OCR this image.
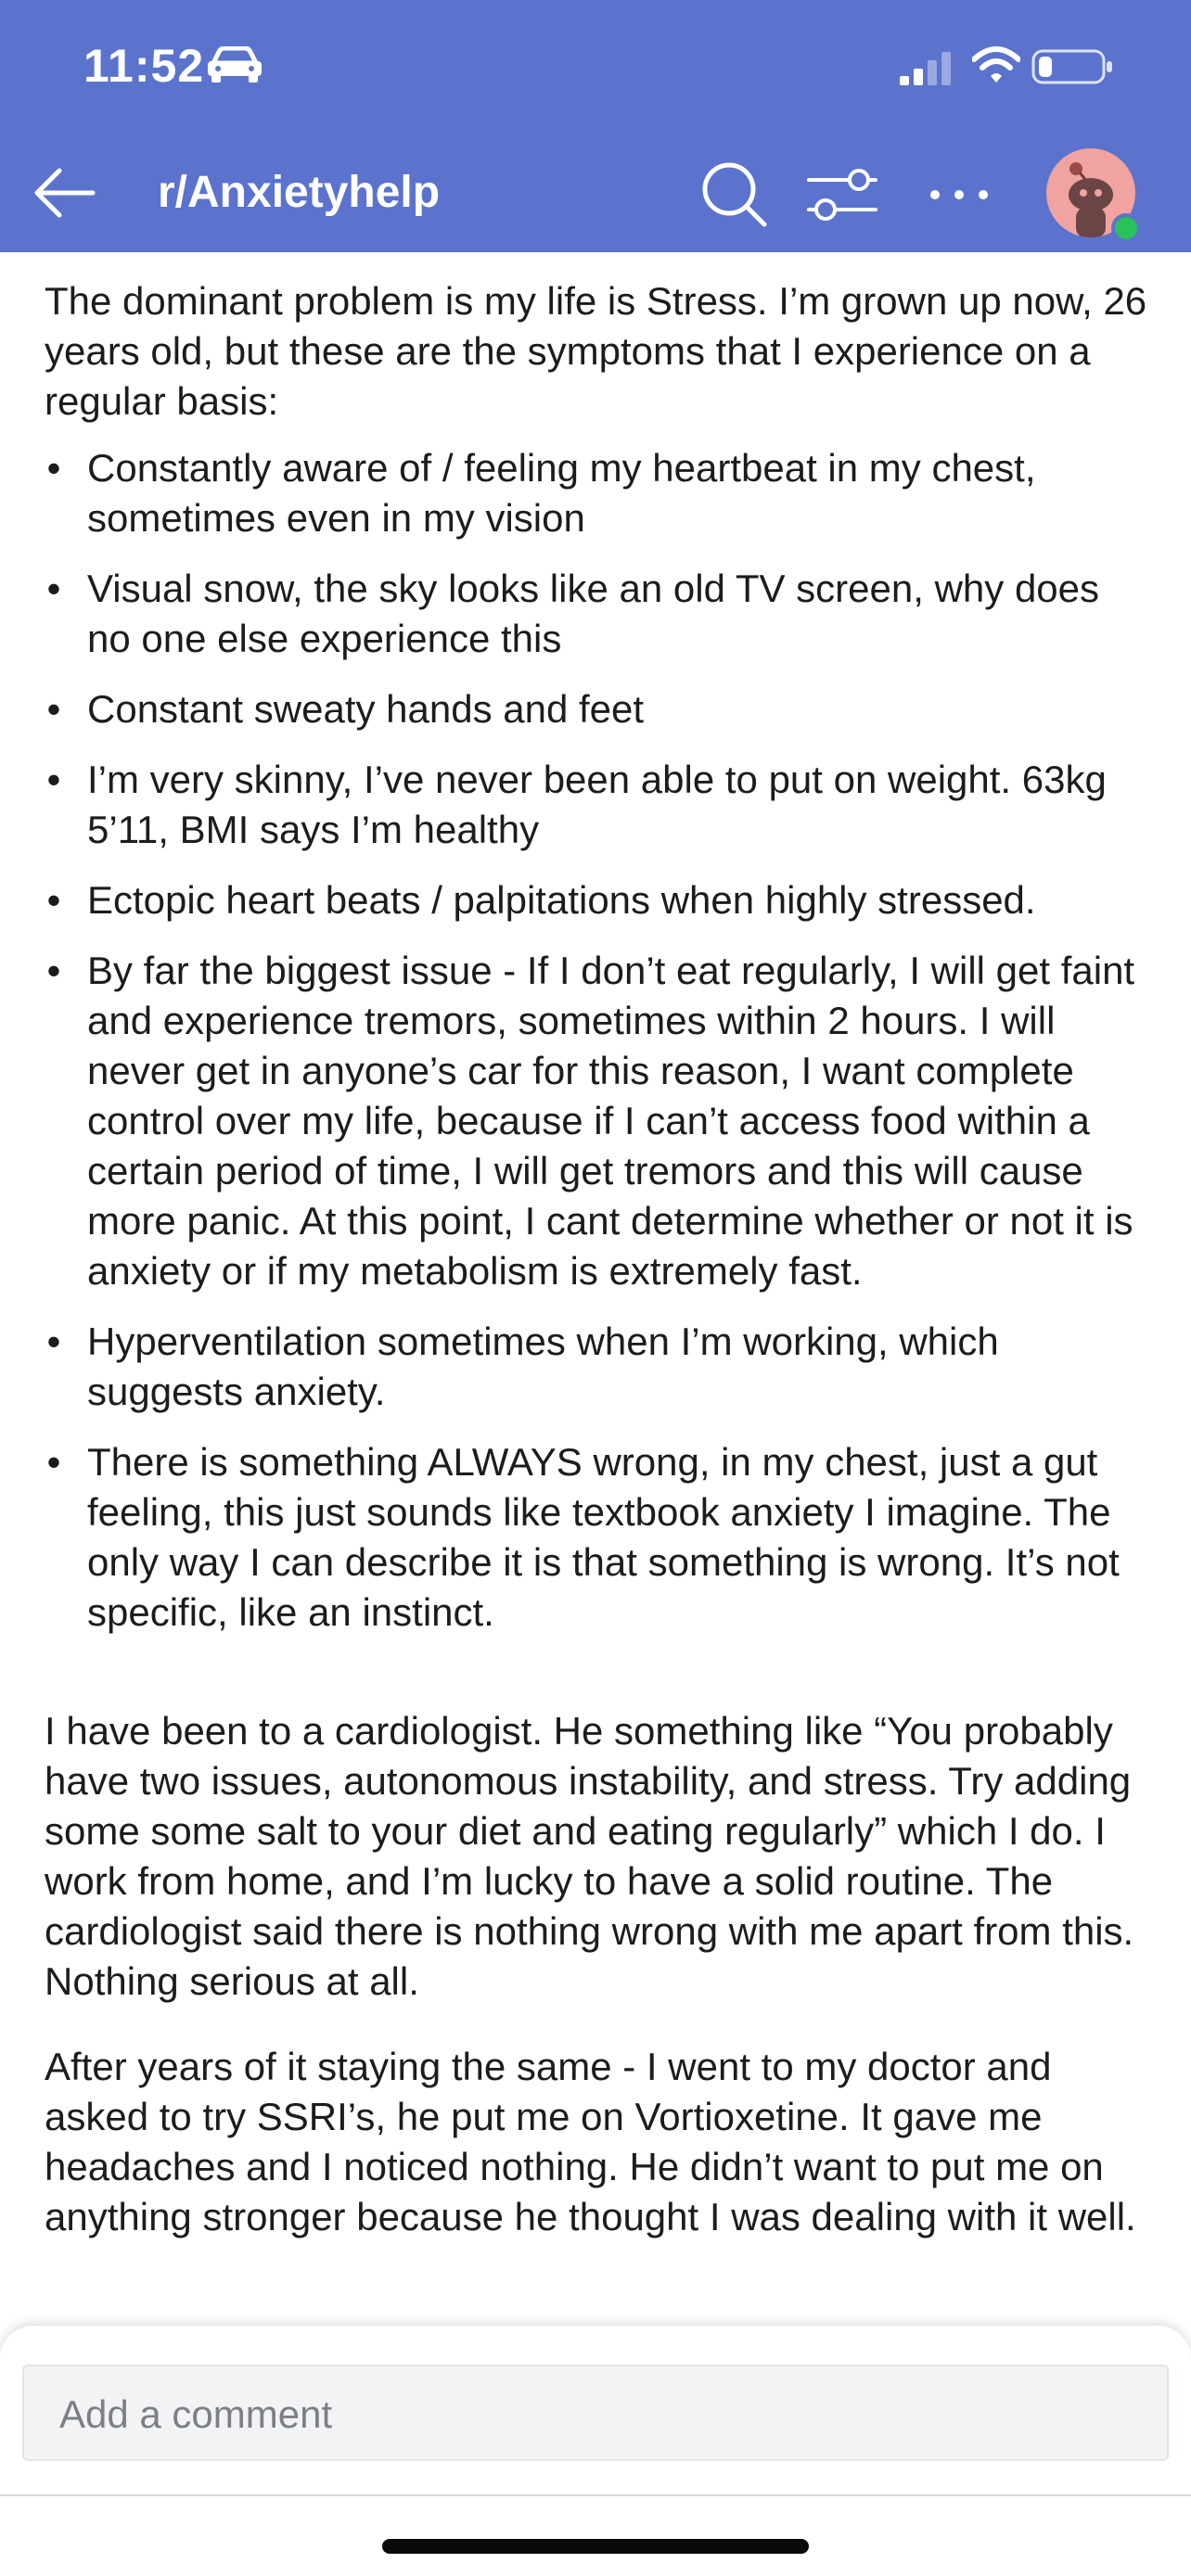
11:52
r/Anxietyhelp

The dominant problem is my life is Stress. I’m grown up now, 26 years old, but these are the symptoms that I experience on a regular basis:

• Constantly aware of / feeling my heartbeat in my chest, sometimes even in my vision
• Visual snow, the sky looks like an old TV screen, why does no one else experience this
• Constant sweaty hands and feet
• I’m very skinny, I’ve never been able to put on weight. 63kg 5’11, BMI says I’m healthy
• Ectopic heart beats / palpitations when highly stressed.
• By far the biggest issue - If I don’t eat regularly, I will get faint and experience tremors, sometimes within 2 hours. I will never get in anyone’s car for this reason, I want complete control over my life, because if I can’t access food within a certain period of time, I will get tremors and this will cause more panic. At this point, I cant determine whether or not it is anxiety or if my metabolism is extremely fast.
• Hyperventilation sometimes when I’m working, which suggests anxiety.
• There is something ALWAYS wrong, in my chest, just a gut feeling, this just sounds like textbook anxiety I imagine. The only way I can describe it is that something is wrong. It’s not specific, like an instinct.

I have been to a cardiologist. He something like “You probably have two issues, autonomous instability, and stress. Try adding some some salt to your diet and eating regularly” which I do. I work from home, and I’m lucky to have a solid routine. The cardiologist said there is nothing wrong with me apart from this. Nothing serious at all.

After years of it staying the same - I went to my doctor and asked to try SSRI’s, he put me on Vortioxetine. It gave me headaches and I noticed nothing. He didn’t want to put me on anything stronger because he thought I was dealing with it well.

Add a comment
